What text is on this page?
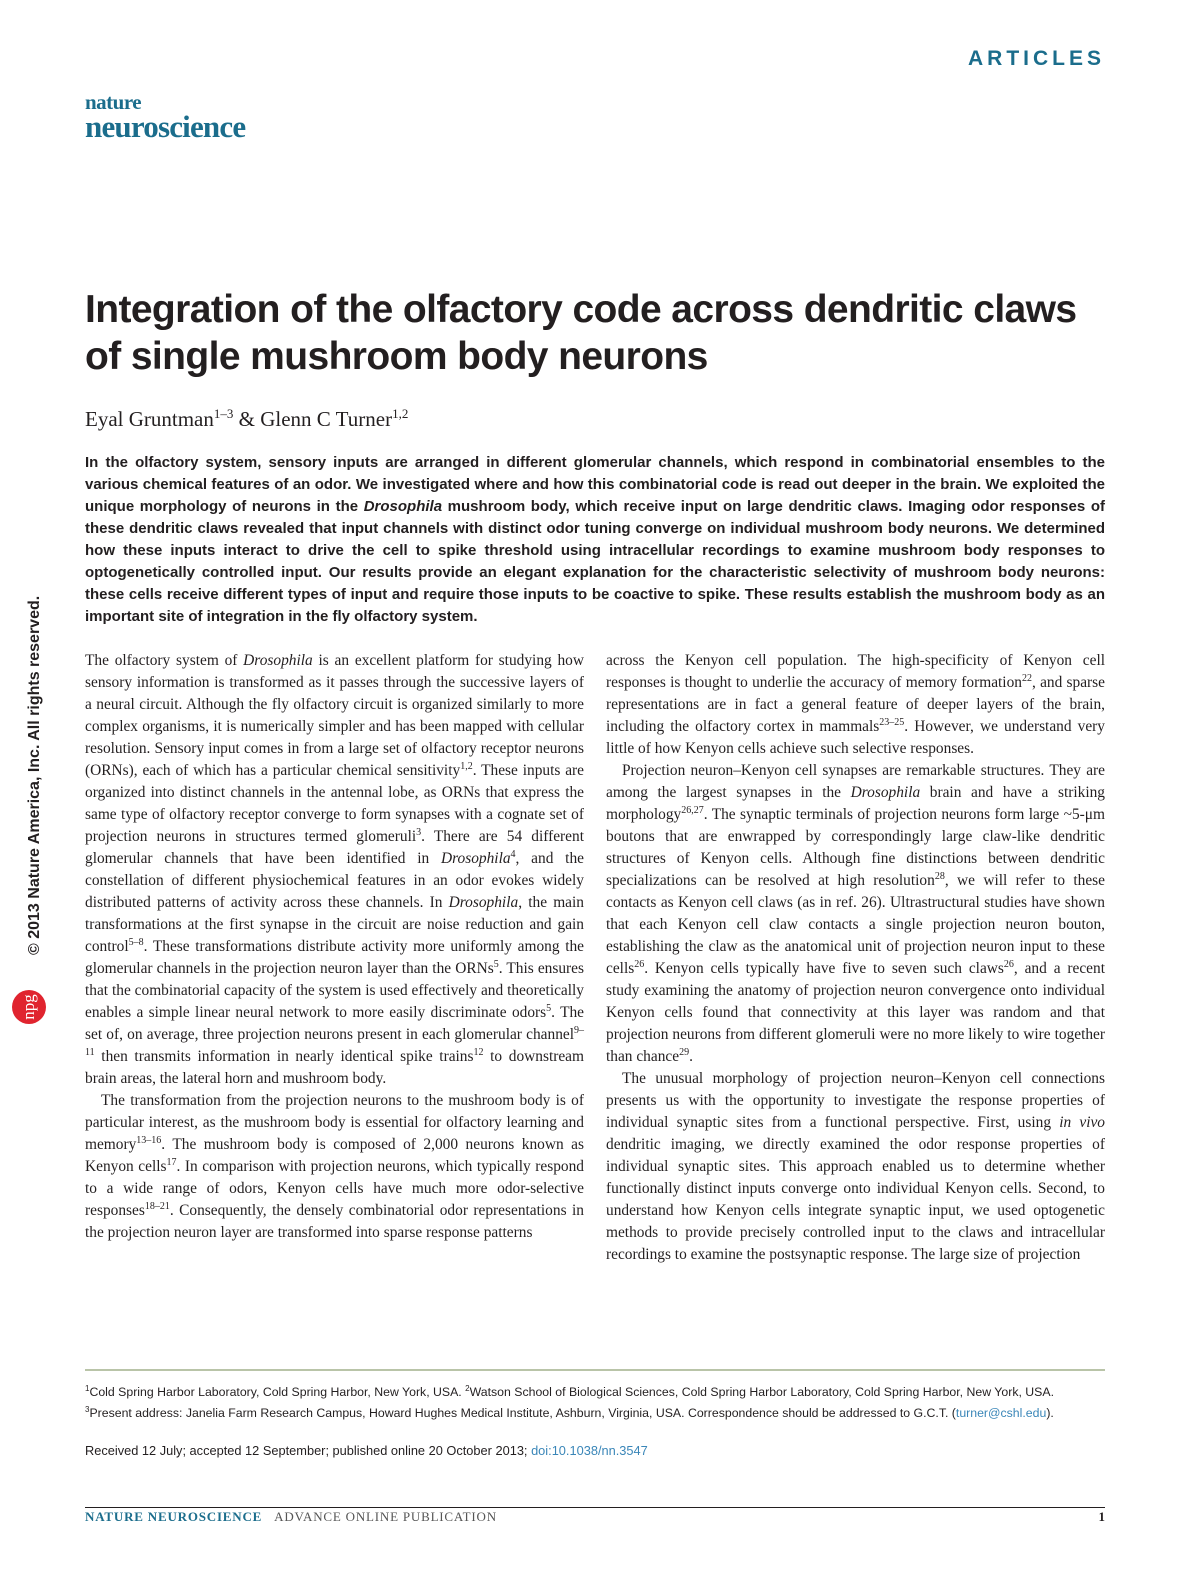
ARTICLES
nature
neuroscience
© 2013 Nature America, Inc. All rights reserved.
npg
Integration of the olfactory code across dendritic claws of single mushroom body neurons
Eyal Gruntman$^{1-3}$ & Glenn C Turner$^{1,2}$

In the olfactory system, sensory inputs are arranged in different glomerular channels, which respond in combinatorial ensembles to the various chemical features of an odor. We investigated where and how this combinatorial code is read out deeper in the brain. We exploited the unique morphology of neurons in the Drosophila mushroom body, which receive input on large dendritic claws. Imaging odor responses of these dendritic claws revealed that input channels with distinct odor tuning converge on individual mushroom body neurons. We determined how these inputs interact to drive the cell to spike threshold using intracellular recordings to examine mushroom body responses to optogenetically controlled input. Our results provide an elegant explanation for the characteristic selectivity of mushroom body neurons: these cells receive different types of input and require those inputs to be coactive to spike. These results establish the mushroom body as an important site of integration in the fly olfactory system.

The olfactory system of Drosophila is an excellent platform for studying how sensory information is transformed as it passes through the successive layers of a neural circuit. Although the fly olfactory circuit is organized similarly to more complex organisms, it is numerically simpler and has been mapped with cellular resolution. Sensory input comes in from a large set of olfactory receptor neurons (ORNs), each of which has a particular chemical sensitivity$^{1,2}$. These inputs are organized into distinct channels in the antennal lobe, as ORNs that express the same type of olfactory receptor converge to form synapses with a cognate set of projection neurons in structures termed glomeruli$^3$. There are 54 different glomerular channels that have been identified in Drosophila$^4$, and the constellation of different physiochemical features in an odor evokes widely distributed patterns of activity across these channels. In Drosophila, the main transformations at the first synapse in the circuit are noise reduction and gain control$^{5-8}$. These transformations distribute activity more uniformly among the glomerular channels in the projection neuron layer than the ORNs$^5$. This ensures that the combinatorial capacity of the system is used effectively and theoretically enables a simple linear neural network to more easily discriminate odors$^5$. The set of, on average, three projection neurons present in each glomerular channel$^{9-11}$ then transmits information in nearly identical spike trains$^{12}$ to downstream brain areas, the lateral horn and mushroom body.

The transformation from the projection neurons to the mushroom body is of particular interest, as the mushroom body is essential for olfactory learning and memory$^{13-16}$. The mushroom body is composed of 2,000 neurons known as Kenyon cells$^{17}$. In comparison with projection neurons, which typically respond to a wide range of odors, Kenyon cells have much more odor-selective responses$^{18-21}$. Consequently, the densely combinatorial odor representations in the projection neuron layer are transformed into sparse response patterns

across the Kenyon cell population. The high-specificity of Kenyon cell responses is thought to underlie the accuracy of memory formation$^{22}$, and sparse representations are in fact a general feature of deeper layers of the brain, including the olfactory cortex in mammals$^{23-25}$. However, we understand very little of how Kenyon cells achieve such selective responses.

Projection neuron–Kenyon cell synapses are remarkable structures. They are among the largest synapses in the Drosophila brain and have a striking morphology$^{26,27}$. The synaptic terminals of projection neurons form large ~5-μm boutons that are enwrapped by correspondingly large claw-like dendritic structures of Kenyon cells. Although fine distinctions between dendritic specializations can be resolved at high resolution$^{28}$, we will refer to these contacts as Kenyon cell claws (as in ref. 26). Ultrastructural studies have shown that each Kenyon cell claw contacts a single projection neuron bouton, establishing the claw as the anatomical unit of projection neuron input to these cells$^{26}$. Kenyon cells typically have five to seven such claws$^{26}$, and a recent study examining the anatomy of projection neuron convergence onto individual Kenyon cells found that connectivity at this layer was random and that projection neurons from different glomeruli were no more likely to wire together than chance$^{29}$.

The unusual morphology of projection neuron–Kenyon cell connections presents us with the opportunity to investigate the response properties of individual synaptic sites from a functional perspective. First, using in vivo dendritic imaging, we directly examined the odor response properties of individual synaptic sites. This approach enabled us to determine whether functionally distinct inputs converge onto individual Kenyon cells. Second, to understand how Kenyon cells integrate synaptic input, we used optogenetic methods to provide precisely controlled input to the claws and intracellular recordings to examine the postsynaptic response. The large size of projection

$^1$Cold Spring Harbor Laboratory, Cold Spring Harbor, New York, USA. $^2$Watson School of Biological Sciences, Cold Spring Harbor Laboratory, Cold Spring Harbor, New York, USA. $^3$Present address: Janelia Farm Research Campus, Howard Hughes Medical Institute, Ashburn, Virginia, USA. Correspondence should be addressed to G.C.T. (turner@cshl.edu).
Received 12 July; accepted 12 September; published online 20 October 2013; doi:10.1038/nn.3547
NATURE NEUROSCIENCE ADVANCE ONLINE PUBLICATION	1
